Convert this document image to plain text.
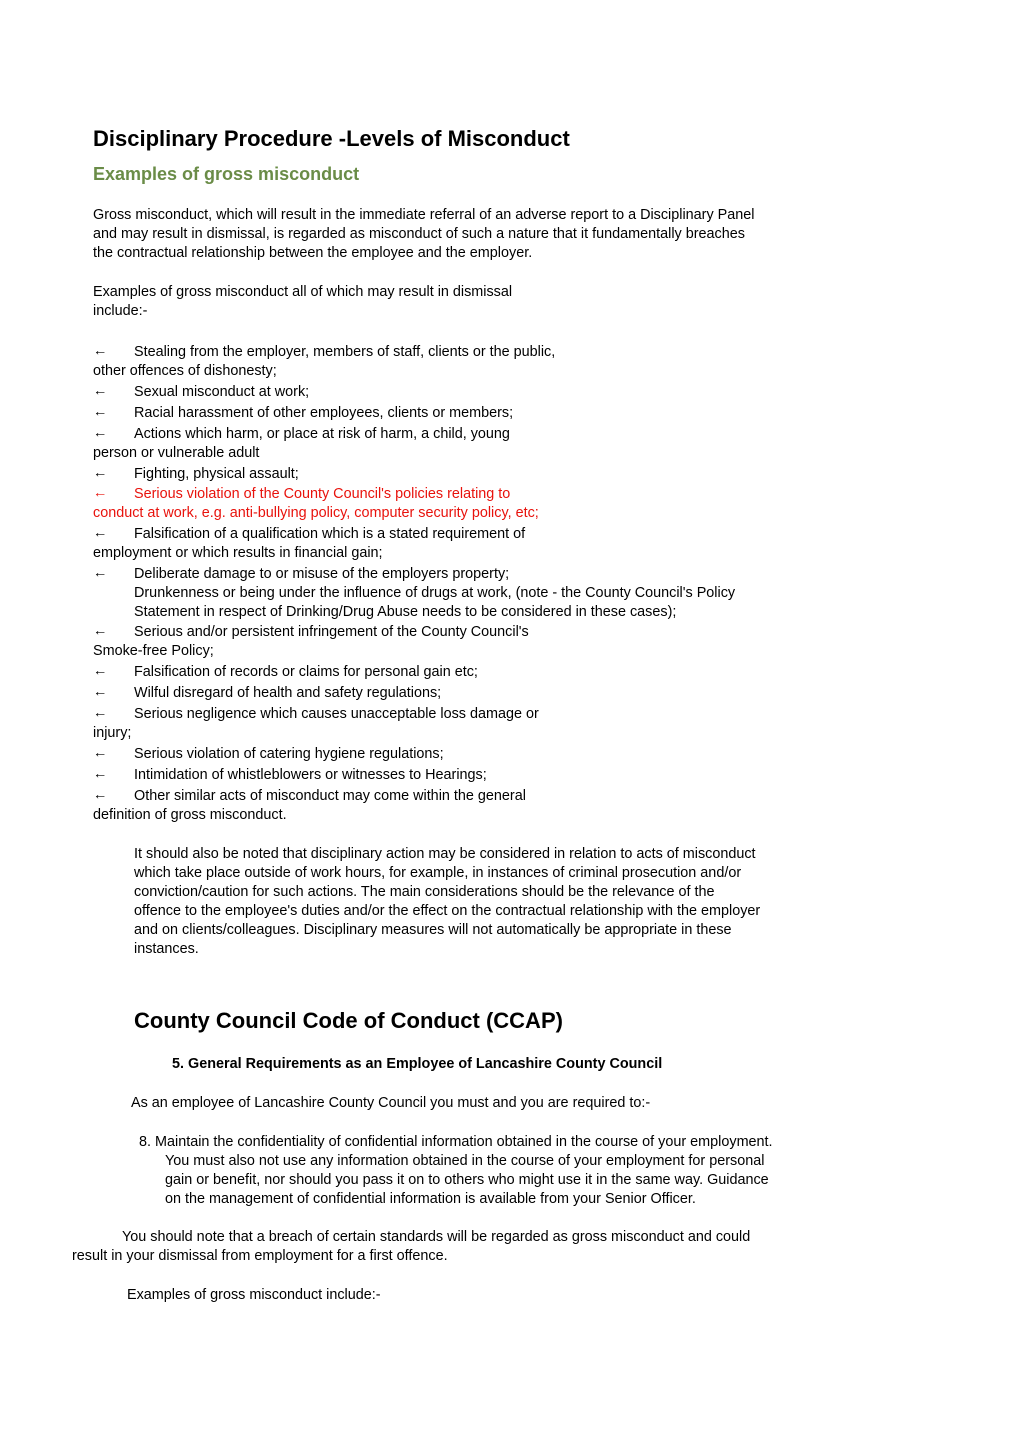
Disciplinary Procedure -Levels of Misconduct
Examples of gross misconduct
Gross misconduct, which will result in the immediate referral of an adverse report to a Disciplinary Panel
and may result in dismissal, is regarded as misconduct of such a nature that it fundamentally breaches
the contractual relationship between the employee and the employer.
Examples of gross misconduct all of which may result in dismissal
include:-
← Stealing from the employer, members of staff, clients or the public,
other offences of dishonesty;
← Sexual misconduct at work;
← Racial harassment of other employees, clients or members;
← Actions which harm, or place at risk of harm, a child, young
person or vulnerable adult
← Fighting, physical assault;
← Serious violation of the County Council's policies relating to
conduct at work, e.g. anti-bullying policy, computer security policy, etc;
← Falsification of a qualification which is a stated requirement of
employment or which results in financial gain;
← Deliberate damage to or misuse of the employers property;
Drunkenness or being under the influence of drugs at work, (note - the County Council's Policy
Statement in respect of Drinking/Drug Abuse needs to be considered in these cases);
← Serious and/or persistent infringement of the County Council's
Smoke-free Policy;
← Falsification of records or claims for personal gain etc;
← Wilful disregard of health and safety regulations;
← Serious negligence which causes unacceptable loss damage or
injury;
← Serious violation of catering hygiene regulations;
← Intimidation of whistleblowers or witnesses to Hearings;
← Other similar acts of misconduct may come within the general
definition of gross misconduct.
It should also be noted that disciplinary action may be considered in relation to acts of misconduct
which take place outside of work hours, for example, in instances of criminal prosecution and/or
conviction/caution for such actions. The main considerations should be the relevance of the
offence to the employee's duties and/or the effect on the contractual relationship with the employer
and on clients/colleagues. Disciplinary measures will not automatically be appropriate in these
instances.
County Council Code of Conduct (CCAP)
5. General Requirements as an Employee of Lancashire County Council
As an employee of Lancashire County Council you must and you are required to:-
8. Maintain the confidentiality of confidential information obtained in the course of your employment.
You must also not use any information obtained in the course of your employment for personal
gain or benefit, nor should you pass it on to others who might use it in the same way. Guidance
on the management of confidential information is available from your Senior Officer.
You should note that a breach of certain standards will be regarded as gross misconduct and could
result in your dismissal from employment for a first offence.
Examples of gross misconduct include:-
